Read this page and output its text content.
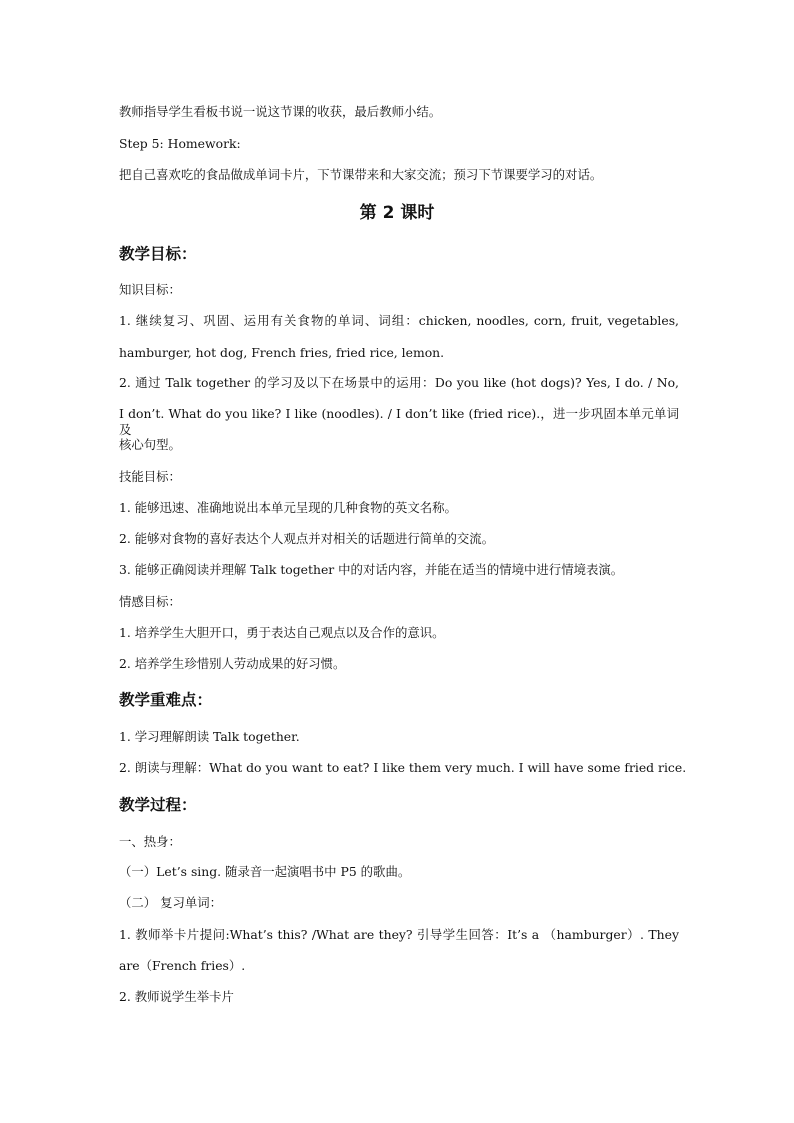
教师指导学生看板书说一说这节课的收获，最后教师小结。
Step 5: Homework:
把自己喜欢吃的食品做成单词卡片，下节课带来和大家交流；预习下节课要学习的对话。
第 2 课时
教学目标：
知识目标：
1. 继续复习、巩固、运用有关食物的单词、词组：chicken, noodles, corn, fruit, vegetables,
hamburger, hot dog, French fries, fried rice, lemon.
2. 通过 Talk together 的学习及以下在场景中的运用：Do you like (hot dogs)? Yes, I do. / No,
I don’t. What do you like? I like (noodles). / I don’t like (fried rice).，进一步巩固本单元单词及
核心句型。
技能目标：
1. 能够迅速、准确地说出本单元呈现的几种食物的英文名称。
2. 能够对食物的喜好表达个人观点并对相关的话题进行简单的交流。
3. 能够正确阅读并理解 Talk together 中的对话内容，并能在适当的情境中进行情境表演。
情感目标：
1. 培养学生大胆开口，勇于表达自己观点以及合作的意识。
2. 培养学生珍惜别人劳动成果的好习惯。
教学重难点：
1. 学习理解朗读 Talk together.
2. 朗读与理解：What do you want to eat? I like them very much. I will have some fried rice.
教学过程：
一、热身：
（一）Let’s sing. 随录音一起演唱书中 P5 的歌曲。
（二） 复习单词：
1. 教师举卡片提问:What’s this? /What are they? 引导学生回答：It’s a （hamburger）. They
are（French fries）.
2. 教师说学生举卡片
